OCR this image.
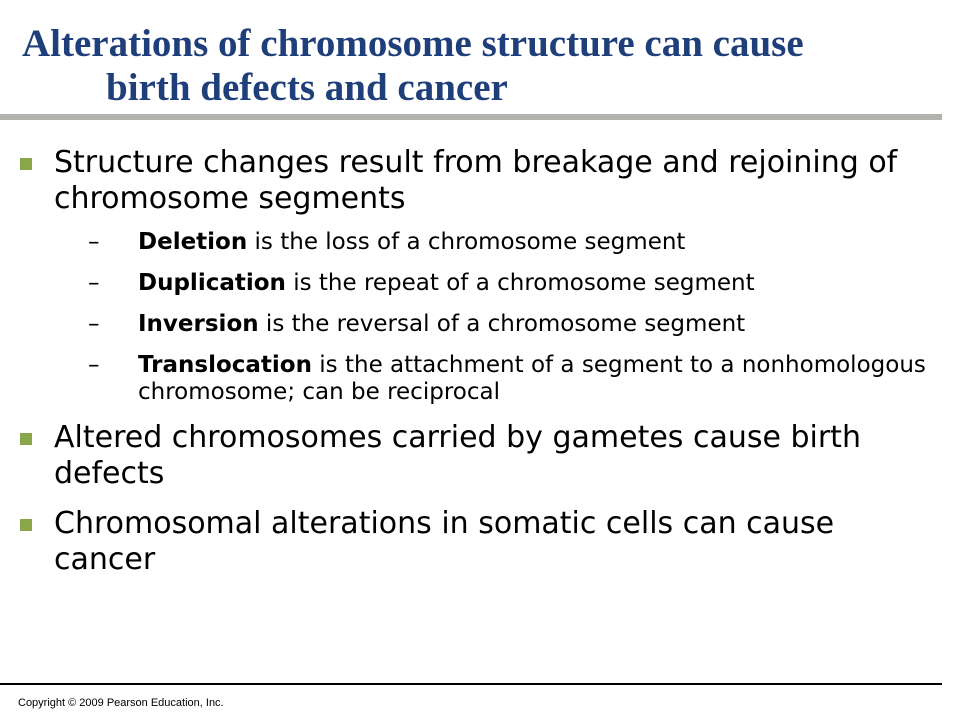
Alterations of chromosome structure can cause
birth defects and cancer
Structure changes result from breakage and rejoining of chromosome segments
– Deletion is the loss of a chromosome segment
– Duplication is the repeat of a chromosome segment
– Inversion is the reversal of a chromosome segment
– Translocation is the attachment of a segment to a nonhomologous chromosome; can be reciprocal
Altered chromosomes carried by gametes cause birth defects
Chromosomal alterations in somatic cells can cause cancer
Copyright © 2009 Pearson Education, Inc.
